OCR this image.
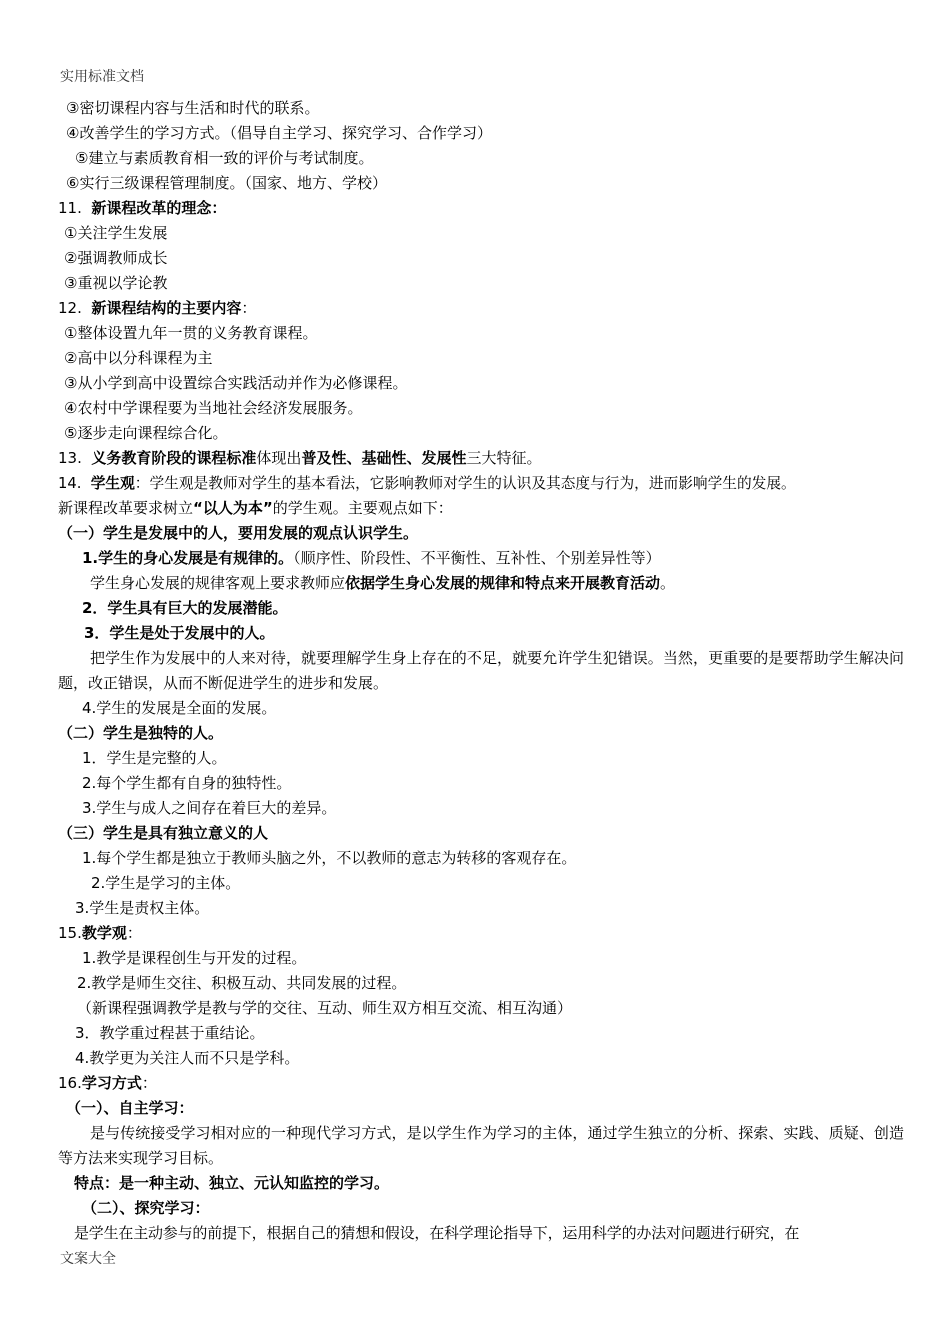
实用标准文档
③密切课程内容与生活和时代的联系。
④改善学生的学习方式。（倡导自主学习、探究学习、合作学习）
⑤建立与素质教育相一致的评价与考试制度。
⑥实行三级课程管理制度。（国家、地方、学校）
11. 新课程改革的理念：
①关注学生发展
②强调教师成长
③重视以学论教
12. 新课程结构的主要内容：
①整体设置九年一贯的义务教育课程。
②高中以分科课程为主
③从小学到高中设置综合实践活动并作为必修课程。
④农村中学课程要为当地社会经济发展服务。
⑤逐步走向课程综合化。
13. 义务教育阶段的课程标准体现出普及性、基础性、发展性三大特征。
14. 学生观：学生观是教师对学生的基本看法，它影响教师对学生的认识及其态度与行为，进而影响学生的发展。
新课程改革要求树立“以人为本”的学生观。主要观点如下：
（一）学生是发展中的人，要用发展的观点认识学生。
1.学生的身心发展是有规律的。（顺序性、阶段性、不平衡性、互补性、个别差异性等）
学生身心发展的规律客观上要求教师应依据学生身心发展的规律和特点来开展教育活动。
2．学生具有巨大的发展潜能。
3．学生是处于发展中的人。
把学生作为发展中的人来对待，就要理解学生身上存在的不足，就要允许学生犯错误。当然，更重要的是要帮助学生解决问题，改正错误，从而不断促进学生的进步和发展。
4.学生的发展是全面的发展。
（二）学生是独特的人。
1．学生是完整的人。
2.每个学生都有自身的独特性。
3.学生与成人之间存在着巨大的差异。
（三）学生是具有独立意义的人
1.每个学生都是独立于教师头脑之外，不以教师的意志为转移的客观存在。
2.学生是学习的主体。
3.学生是责权主体。
15.教学观：
1.教学是课程创生与开发的过程。
2.教学是师生交往、积极互动、共同发展的过程。
（新课程强调教学是教与学的交往、互动、师生双方相互交流、相互沟通）
3．教学重过程甚于重结论。
4.教学更为关注人而不只是学科。
16.学习方式：
（一）、自主学习：
是与传统接受学习相对应的一种现代学习方式，是以学生作为学习的主体，通过学生独立的分析、探索、实践、质疑、创造等方法来实现学习目标。
特点：是一种主动、独立、元认知监控的学习。
（二）、探究学习：
是学生在主动参与的前提下，根据自己的猜想和假设，在科学理论指导下，运用科学的办法对问题进行研究，在
文案大全
